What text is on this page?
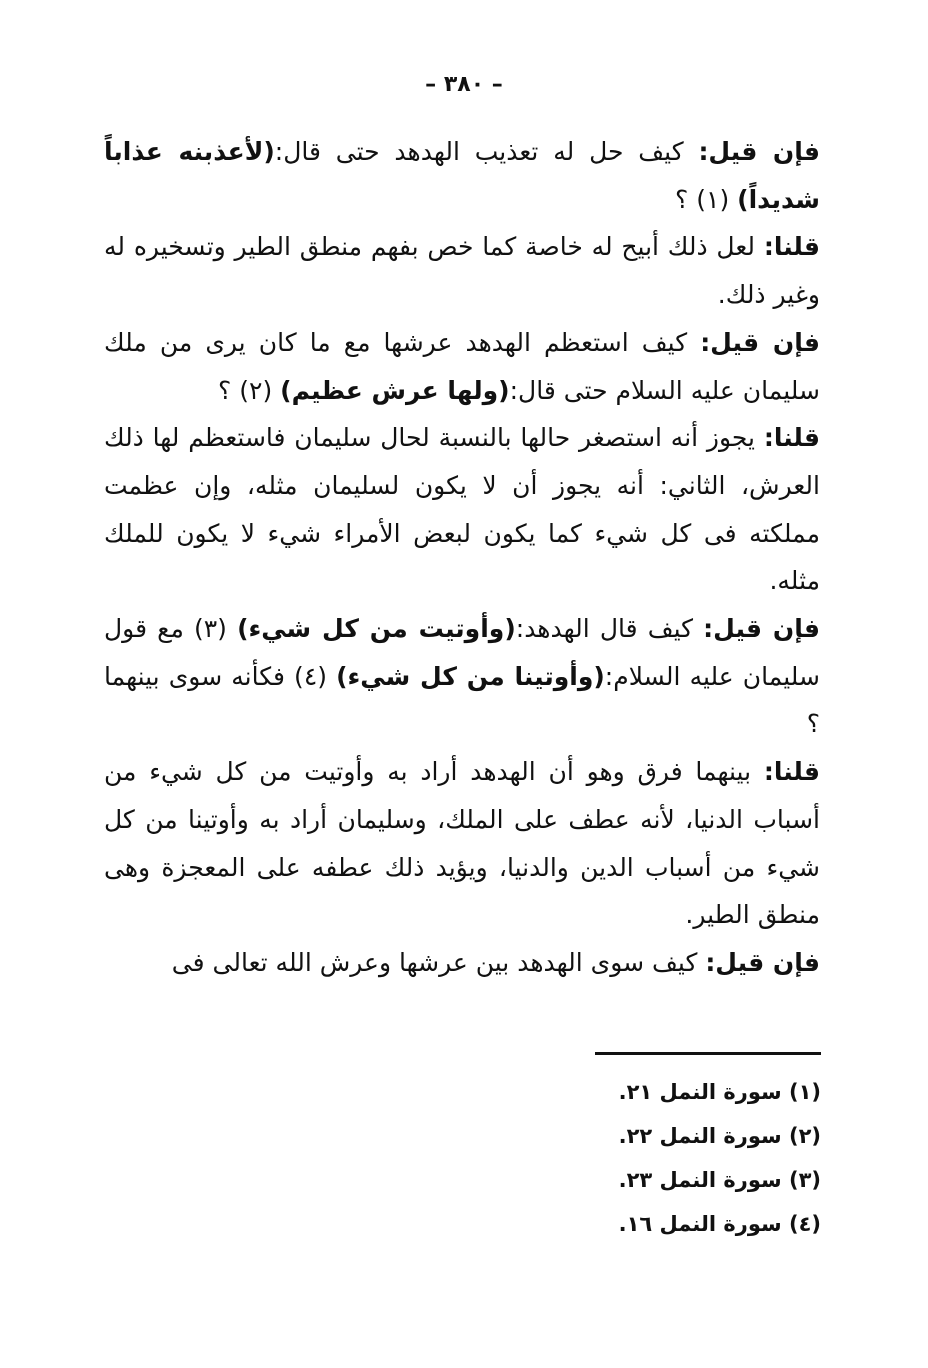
– ٣٨٠ –

فإن قيل: كيف حل له تعذيب الهدهد حتى قال:(لأعذبنه عذاباً شديداً) (١) ؟

قلنا: لعل ذلك أبيح له خاصة كما خص بفهم منطق الطير وتسخيره له وغير ذلك.

فإن قيل: كيف استعظم الهدهد عرشها مع ما كان يرى من ملك سليمان عليه السلام حتى قال:(ولها عرش عظيم) (٢) ؟

قلنا: يجوز أنه استصغر حالها بالنسبة لحال سليمان فاستعظم لها ذلك العرش، الثاني: أنه يجوز أن لا يكون لسليمان مثله، وإن عظمت مملكته فى كل شيء كما يكون لبعض الأمراء شيء لا يكون للملك مثله.

فإن قيل: كيف قال الهدهد:(وأوتيت من كل شيء) (٣) مع قول سليمان عليه السلام:(وأوتينا من كل شيء) (٤) فكأنه سوى بينهما ؟

قلنا: بينهما فرق وهو أن الهدهد أراد به وأوتيت من كل شيء من أسباب الدنيا، لأنه عطف على الملك، وسليمان أراد به وأوتينا من كل شيء من أسباب الدين والدنيا، ويؤيد ذلك عطفه على المعجزة وهى منطق الطير.

فإن قيل: كيف سوى الهدهد بين عرشها وعرش الله تعالى فى

(١) سورة النمل ٢١.

(٢) سورة النمل ٢٢.

(٣) سورة النمل ٢٣.

(٤) سورة النمل ١٦.
